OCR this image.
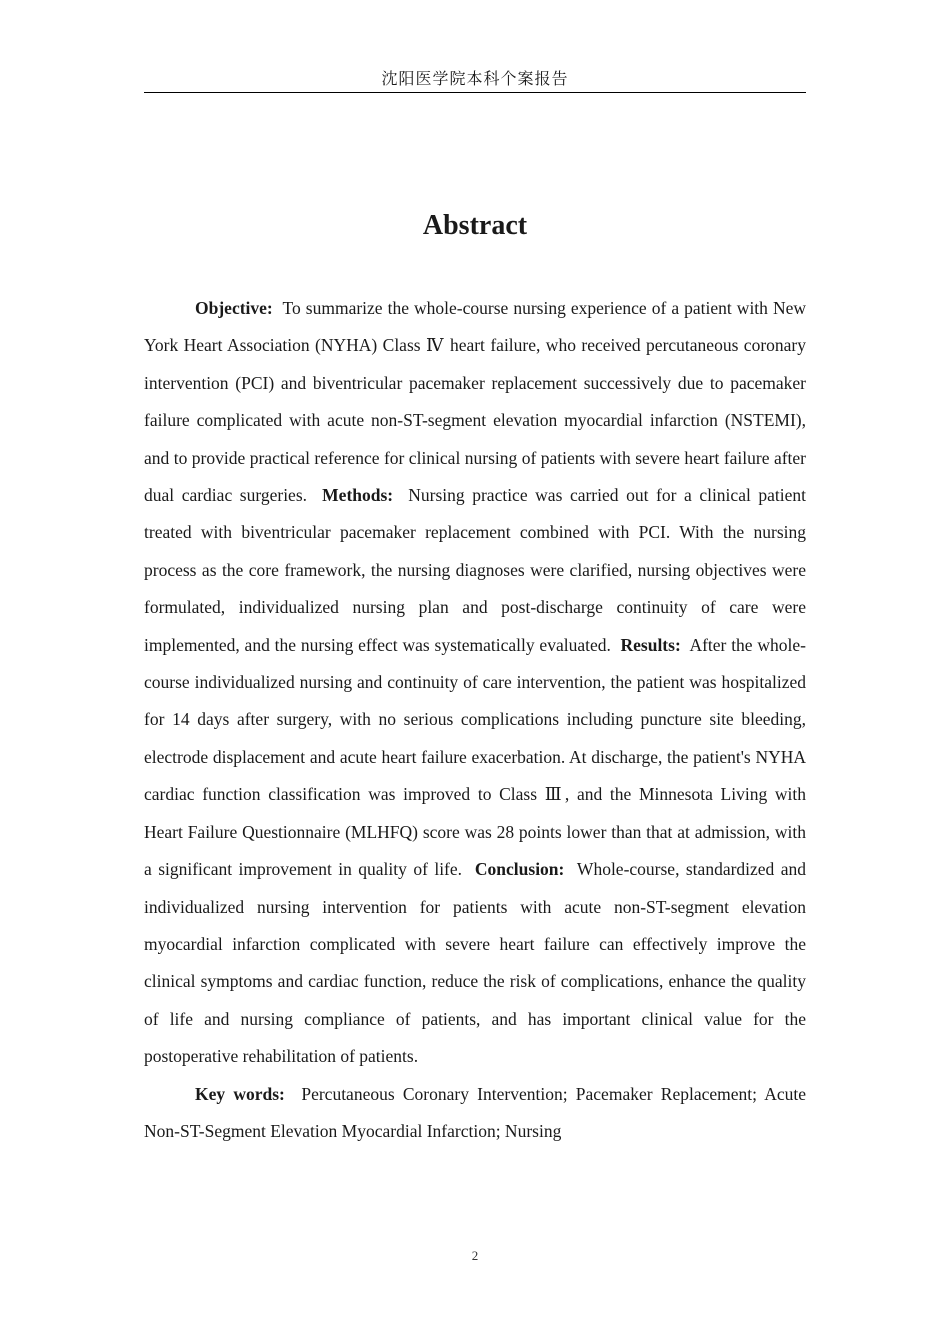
沈阳医学院本科个案报告
Abstract

Objective: To summarize the whole-course nursing experience of a patient with New York Heart Association (NYHA) Class Ⅳ heart failure, who received percutaneous coronary intervention (PCI) and biventricular pacemaker replacement successively due to pacemaker failure complicated with acute non-ST-segment elevation myocardial infarction (NSTEMI), and to provide practical reference for clinical nursing of patients with severe heart failure after dual cardiac surgeries. Methods: Nursing practice was carried out for a clinical patient treated with biventricular pacemaker replacement combined with PCI. With the nursing process as the core framework, the nursing diagnoses were clarified, nursing objectives were formulated, individualized nursing plan and post-discharge continuity of care were implemented, and the nursing effect was systematically evaluated. Results: After the whole-course individualized nursing and continuity of care intervention, the patient was hospitalized for 14 days after surgery, with no serious complications including puncture site bleeding, electrode displacement and acute heart failure exacerbation. At discharge, the patient's NYHA cardiac function classification was improved to Class Ⅲ, and the Minnesota Living with Heart Failure Questionnaire (MLHFQ) score was 28 points lower than that at admission, with a significant improvement in quality of life. Conclusion: Whole-course, standardized and individualized nursing intervention for patients with acute non-ST-segment elevation myocardial infarction complicated with severe heart failure can effectively improve the clinical symptoms and cardiac function, reduce the risk of complications, enhance the quality of life and nursing compliance of patients, and has important clinical value for the postoperative rehabilitation of patients.

Key words: Percutaneous Coronary Intervention; Pacemaker Replacement; Acute Non-ST-Segment Elevation Myocardial Infarction; Nursing

2
